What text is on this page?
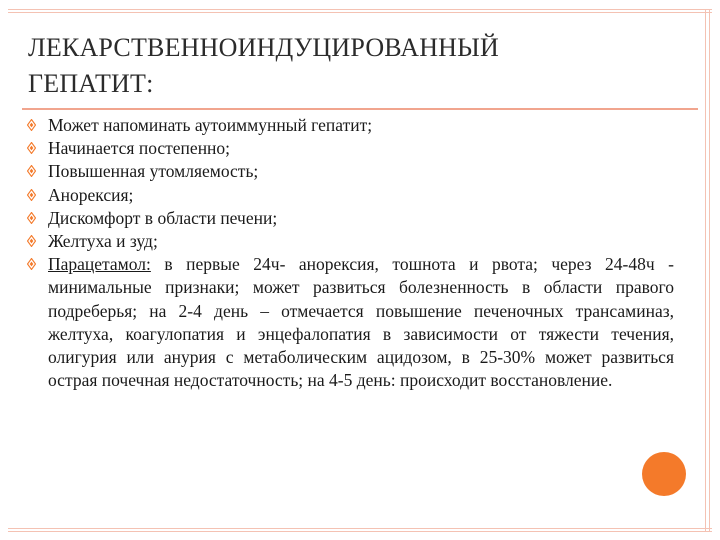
ЛЕКАРСТВЕННОИНДУЦИРОВАННЫЙ
ГЕПАТИТ:
Может напоминать аутоиммунный гепатит;
Начинается постепенно;
Повышенная утомляемость;
Анорексия;
Дискомфорт в области печени;
Желтуха и зуд;
Парацетамол: в первые 24ч- анорексия, тошнота и рвота; через 24-48ч - минимальные признаки; может развиться болезненность в области правого подреберья; на 2-4 день – отмечается повышение печеночных трансаминаз, желтуха, коагулопатия и энцефалопатия в зависимости от тяжести течения, олигурия или анурия с метаболическим ацидозом, в 25-30% может развиться острая почечная недостаточность; на 4-5 день: происходит восстановление.
